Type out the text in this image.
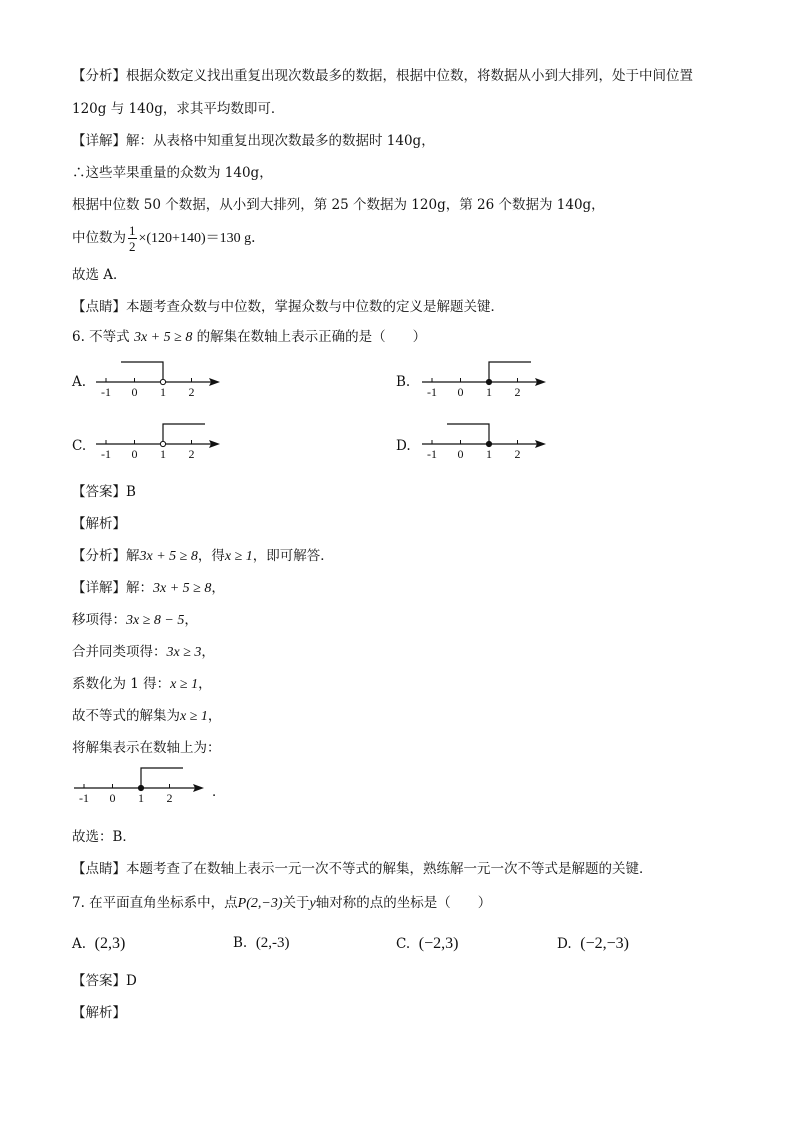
【分析】根据众数定义找出重复出现次数最多的数据，根据中位数，将数据从小到大排列，处于中间位置
120g 与 140g，求其平均数即可．
【详解】解：从表格中知重复出现次数最多的数据时 140g，
∴这些苹果重量的众数为 140g，
根据中位数 50 个数据，从小到大排列，第 25 个数据为 120g，第 26 个数据为 140g，
中位数为 $\frac{1}{2} \times(120+140)=130$ g．
故选 A．
【点睛】本题考查众数与中位数，掌握众数与中位数的定义是解题关键．
6. 不等式 3x + 5 ≥ 8 的解集在数轴上表示正确的是（　　）
A.
-1 0 1 2
B.
-1 0 1 2
C. -1 0 1 2	D. -1 0 1 2
【答案】B
【解析】
【分析】解3x + 5 ≥ 8，得x ≥ 1，即可解答．
【详解】解：3x + 5 ≥ 8，
移项得：3x ≥ 8 − 5，
合并同类项得：3x ≥ 3，
系数化为 1 得：x ≥ 1，
故不等式的解集为x ≥ 1，
将解集表示在数轴上为：
-1 0 1 2	．
故选：B．
【点睛】本题考查了在数轴上表示一元一次不等式的解集，熟练解一元一次不等式是解题的关键．
7. 在平面直角坐标系中，点P(2,−3)关于y轴对称的点的坐标是（　　）
A. (2,3)	B. (2,-3)	C. (−2,3)	D. (−2,−3)
【答案】D
【解析】
